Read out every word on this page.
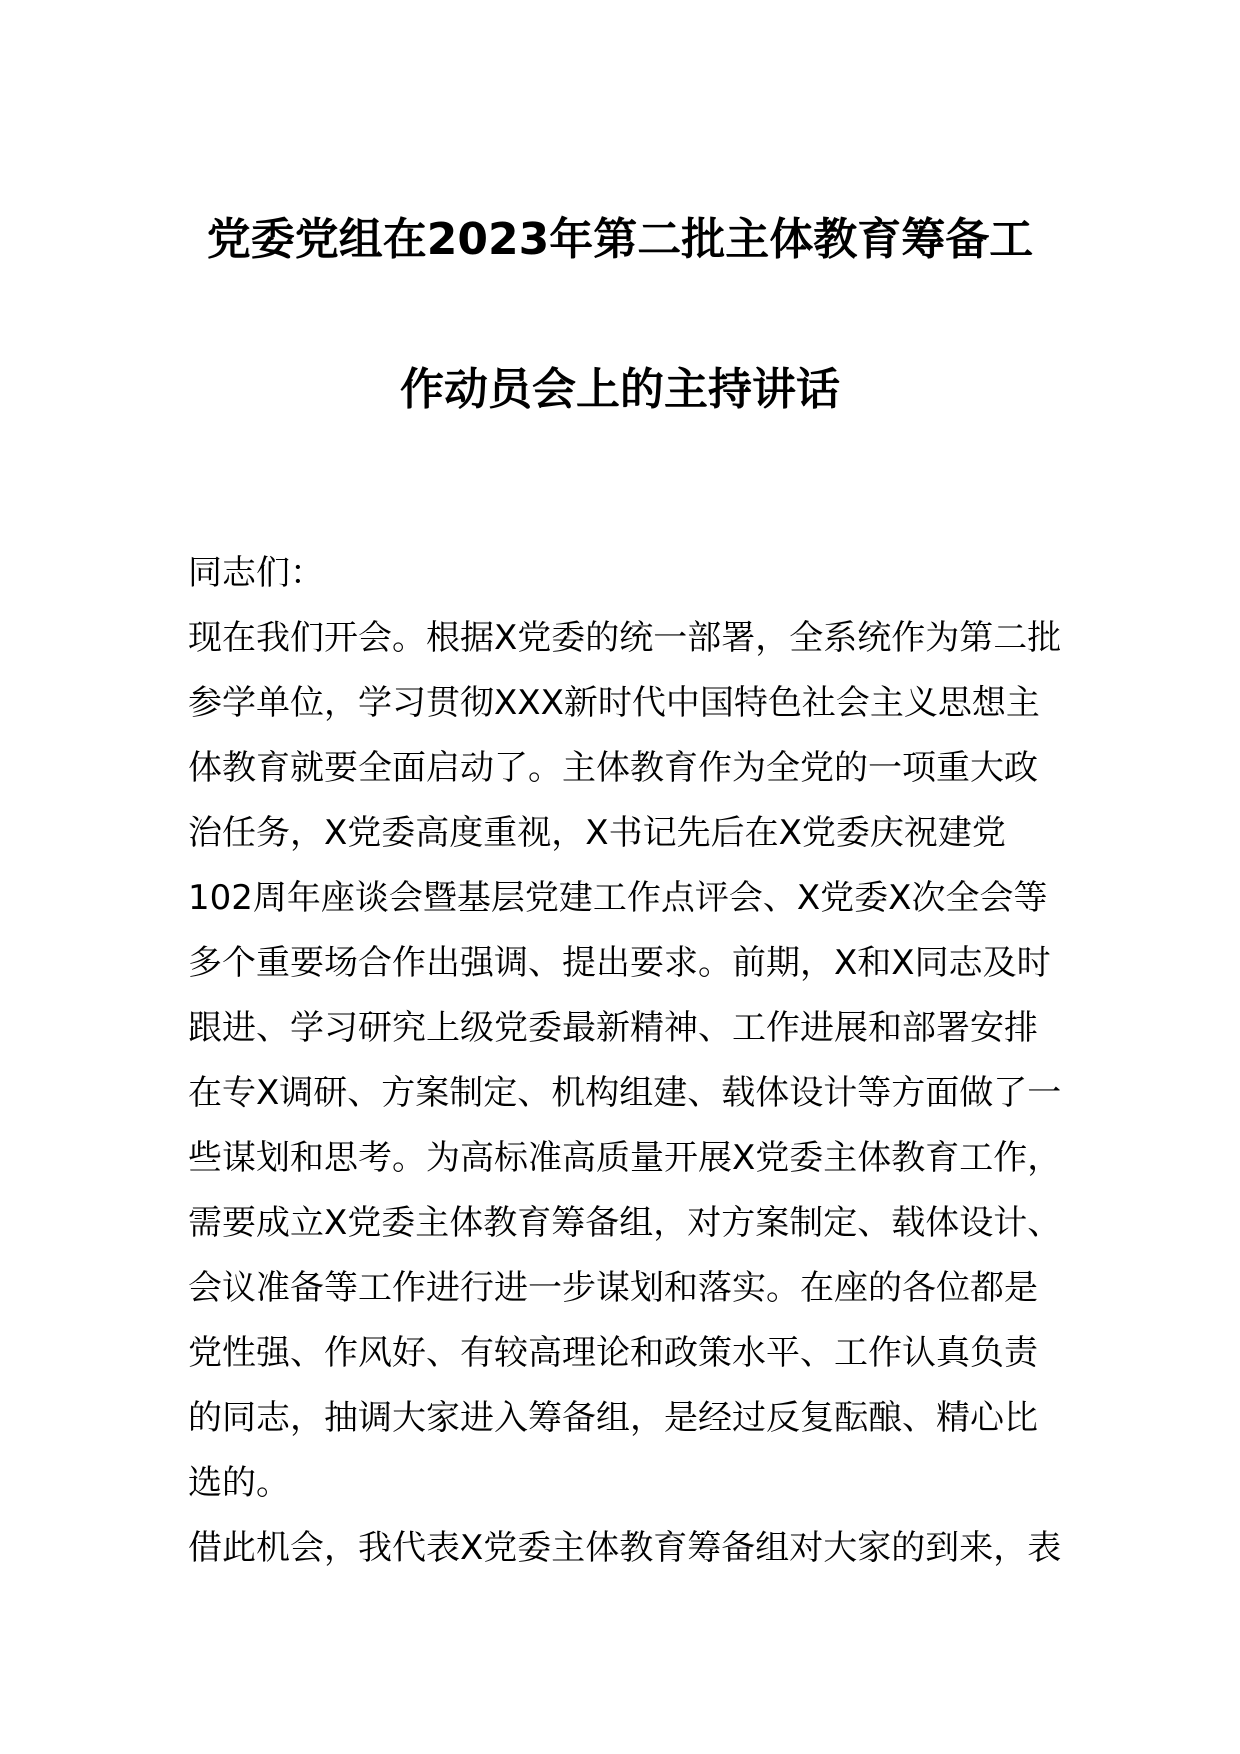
党委党组在2023年第二批主体教育筹备工
作动员会上的主持讲话
同志们：
现在我们开会。根据X党委的统一部署，全系统作为第二批
参学单位，学习贯彻XXX新时代中国特色社会主义思想主
体教育就要全面启动了。主体教育作为全党的一项重大政
治任务，X党委高度重视，X书记先后在X党委庆祝建党
102周年座谈会暨基层党建工作点评会、X党委X次全会等
多个重要场合作出强调、提出要求。前期，X和X同志及时
跟进、学习研究上级党委最新精神、工作进展和部署安排
在专X调研、方案制定、机构组建、载体设计等方面做了一
些谋划和思考。为高标准高质量开展X党委主体教育工作，
需要成立X党委主体教育筹备组，对方案制定、载体设计、
会议准备等工作进行进一步谋划和落实。在座的各位都是
党性强、作风好、有较高理论和政策水平、工作认真负责
的同志，抽调大家进入筹备组，是经过反复酝酿、精心比
选的。
借此机会，我代表X党委主体教育筹备组对大家的到来，表
